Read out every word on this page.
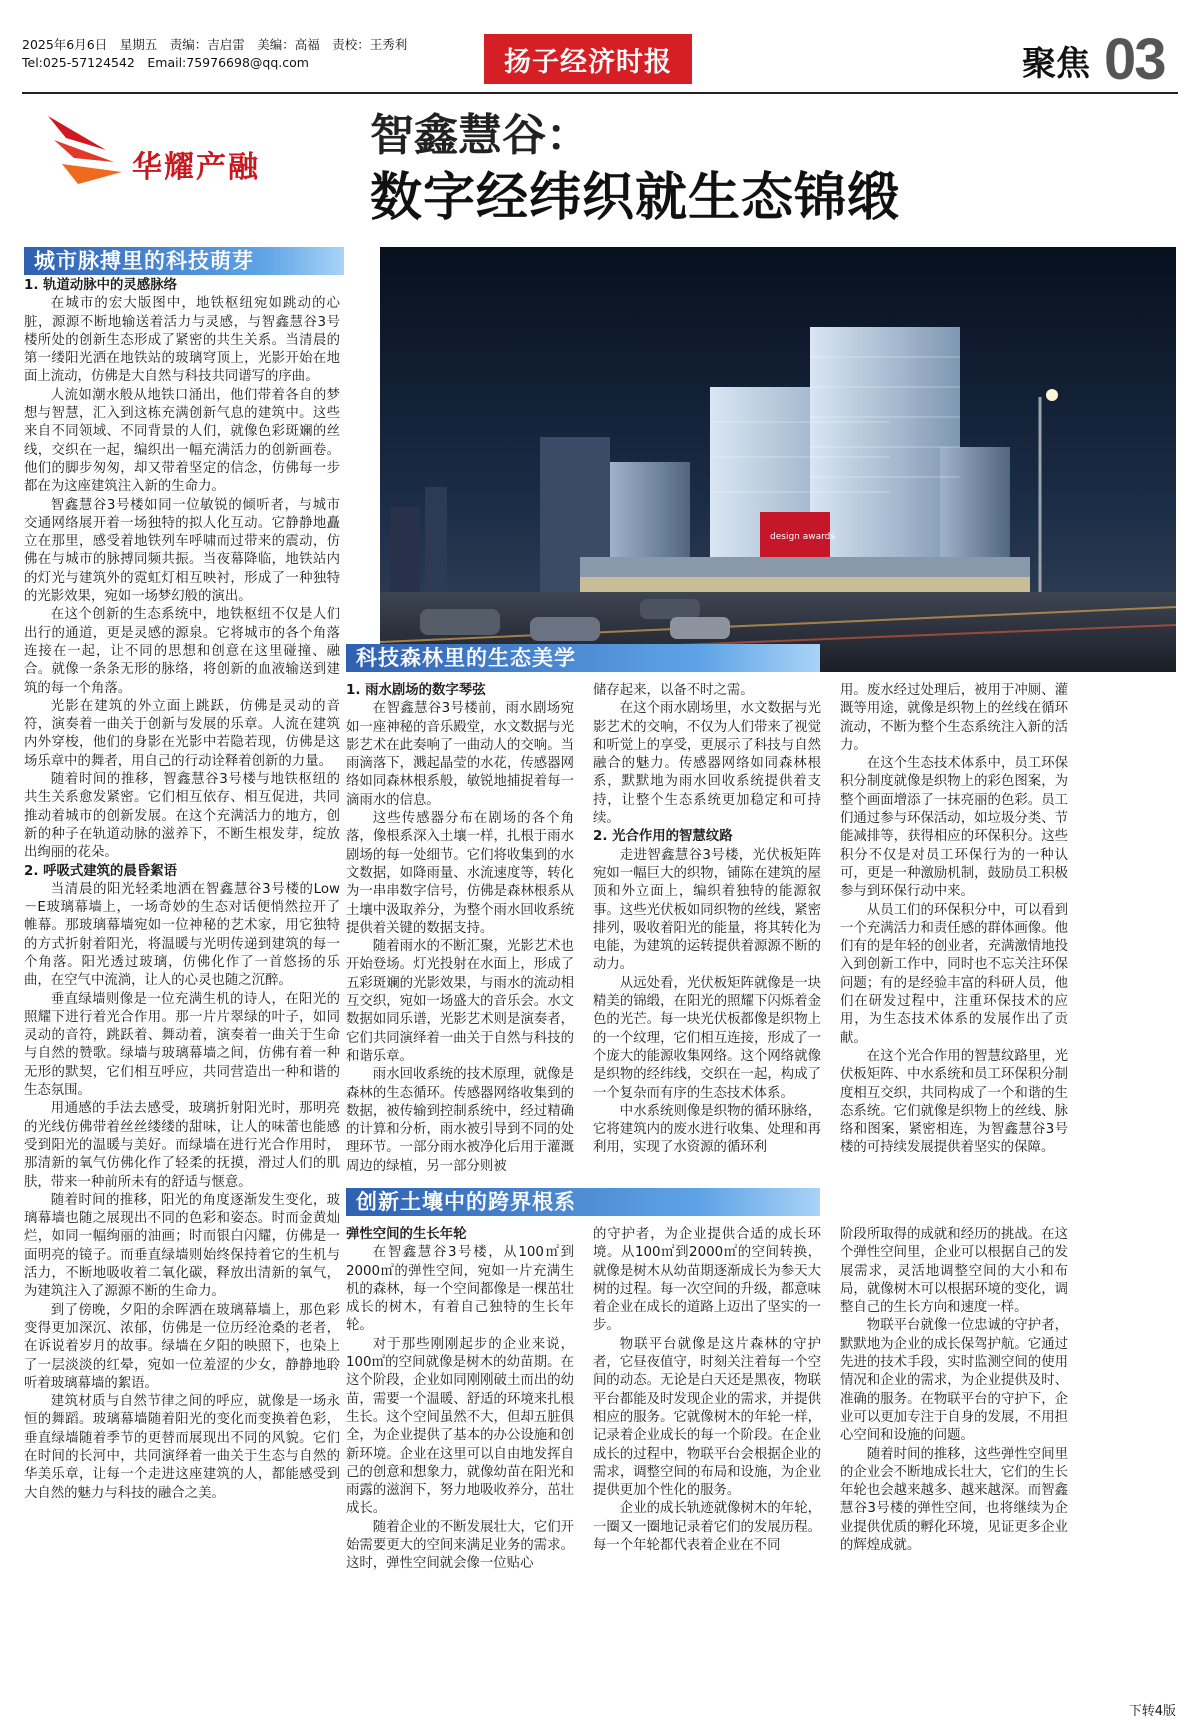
2025年6月6日　星期五　责编：吉启雷　美编：高福　责校：王秀利
Tel:025-57124542　Email:75976698@qq.com	扬子经济时报	聚焦 03
华耀产融
智鑫慧谷：
数字经纬织就生态锦缎
城市脉搏里的科技萌芽

1. 轨道动脉中的灵感脉络

在城市的宏大版图中，地铁枢纽宛如跳动的心脏，源源不断地输送着活力与灵感，与智鑫慧谷3号楼所处的创新生态形成了紧密的共生关系。当清晨的第一缕阳光洒在地铁站的玻璃穹顶上，光影开始在地面上流动，仿佛是大自然与科技共同谱写的序曲。

人流如潮水般从地铁口涌出，他们带着各自的梦想与智慧，汇入到这栋充满创新气息的建筑中。这些来自不同领域、不同背景的人们，就像色彩斑斓的丝线，交织在一起，编织出一幅充满活力的创新画卷。他们的脚步匆匆，却又带着坚定的信念，仿佛每一步都在为这座建筑注入新的生命力。

智鑫慧谷3号楼如同一位敏锐的倾听者，与城市交通网络展开着一场独特的拟人化互动。它静静地矗立在那里，感受着地铁列车呼啸而过带来的震动，仿佛在与城市的脉搏同频共振。当夜幕降临，地铁站内的灯光与建筑外的霓虹灯相互映衬，形成了一种独特的光影效果，宛如一场梦幻般的演出。

在这个创新的生态系统中，地铁枢纽不仅是人们出行的通道，更是灵感的源泉。它将城市的各个角落连接在一起，让不同的思想和创意在这里碰撞、融合。就像一条条无形的脉络，将创新的血液输送到建筑的每一个角落。

光影在建筑的外立面上跳跃，仿佛是灵动的音符，演奏着一曲关于创新与发展的乐章。人流在建筑内外穿梭，他们的身影在光影中若隐若现，仿佛是这场乐章中的舞者，用自己的行动诠释着创新的力量。

随着时间的推移，智鑫慧谷3号楼与地铁枢纽的共生关系愈发紧密。它们相互依存、相互促进，共同推动着城市的创新发展。在这个充满活力的地方，创新的种子在轨道动脉的滋养下，不断生根发芽，绽放出绚丽的花朵。

2. 呼吸式建筑的晨昏絮语

当清晨的阳光轻柔地洒在智鑫慧谷3号楼的Low－E玻璃幕墙上，一场奇妙的生态对话便悄然拉开了帷幕。那玻璃幕墙宛如一位神秘的艺术家，用它独特的方式折射着阳光，将温暖与光明传递到建筑的每一个角落。阳光透过玻璃，仿佛化作了一首悠扬的乐曲，在空气中流淌，让人的心灵也随之沉醉。

垂直绿墙则像是一位充满生机的诗人，在阳光的照耀下进行着光合作用。那一片片翠绿的叶子，如同灵动的音符，跳跃着、舞动着，演奏着一曲关于生命与自然的赞歌。绿墙与玻璃幕墙之间，仿佛有着一种无形的默契，它们相互呼应，共同营造出一种和谐的生态氛围。

用通感的手法去感受，玻璃折射阳光时，那明亮的光线仿佛带着丝丝缕缕的甜味，让人的味蕾也能感受到阳光的温暖与美好。而绿墙在进行光合作用时，那清新的氧气仿佛化作了轻柔的抚摸，滑过人们的肌肤，带来一种前所未有的舒适与惬意。

随着时间的推移，阳光的角度逐渐发生变化，玻璃幕墙也随之展现出不同的色彩和姿态。时而金黄灿烂，如同一幅绚丽的油画；时而银白闪耀，仿佛是一面明亮的镜子。而垂直绿墙则始终保持着它的生机与活力，不断地吸收着二氧化碳，释放出清新的氧气，为建筑注入了源源不断的生命力。

到了傍晚，夕阳的余晖洒在玻璃幕墙上，那色彩变得更加深沉、浓郁，仿佛是一位历经沧桑的老者，在诉说着岁月的故事。绿墙在夕阳的映照下，也染上了一层淡淡的红晕，宛如一位羞涩的少女，静静地聆听着玻璃幕墙的絮语。

建筑材质与自然节律之间的呼应，就像是一场永恒的舞蹈。玻璃幕墙随着阳光的变化而变换着色彩，垂直绿墙随着季节的更替而展现出不同的风貌。它们在时间的长河中，共同演绎着一曲关于生态与自然的华美乐章，让每一个走进这座建筑的人，都能感受到大自然的魅力与科技的融合之美。

design awards
科技森林里的生态美学

1. 雨水剧场的数字琴弦

在智鑫慧谷3号楼前，雨水剧场宛如一座神秘的音乐殿堂，水文数据与光影艺术在此奏响了一曲动人的交响。当雨滴落下，溅起晶莹的水花，传感器网络如同森林根系般，敏锐地捕捉着每一滴雨水的信息。

这些传感器分布在剧场的各个角落，像根系深入土壤一样，扎根于雨水剧场的每一处细节。它们将收集到的水文数据，如降雨量、水流速度等，转化为一串串数字信号，仿佛是森林根系从土壤中汲取养分，为整个雨水回收系统提供着关键的数据支持。

随着雨水的不断汇聚，光影艺术也开始登场。灯光投射在水面上，形成了五彩斑斓的光影效果，与雨水的流动相互交织，宛如一场盛大的音乐会。水文数据如同乐谱，光影艺术则是演奏者，它们共同演绎着一曲关于自然与科技的和谐乐章。

雨水回收系统的技术原理，就像是森林的生态循环。传感器网络收集到的数据，被传输到控制系统中，经过精确的计算和分析，雨水被引导到不同的处理环节。一部分雨水被净化后用于灌溉周边的绿植，另一部分则被

储存起来，以备不时之需。

在这个雨水剧场里，水文数据与光影艺术的交响，不仅为人们带来了视觉和听觉上的享受，更展示了科技与自然融合的魅力。传感器网络如同森林根系，默默地为雨水回收系统提供着支持，让整个生态系统更加稳定和可持续。

2. 光合作用的智慧纹路

走进智鑫慧谷3号楼，光伏板矩阵宛如一幅巨大的织物，铺陈在建筑的屋顶和外立面上，编织着独特的能源叙事。这些光伏板如同织物的丝线，紧密排列，吸收着阳光的能量，将其转化为电能，为建筑的运转提供着源源不断的动力。

从远处看，光伏板矩阵就像是一块精美的锦缎，在阳光的照耀下闪烁着金色的光芒。每一块光伏板都像是织物上的一个纹理，它们相互连接，形成了一个庞大的能源收集网络。这个网络就像是织物的经纬线，交织在一起，构成了一个复杂而有序的生态技术体系。

中水系统则像是织物的循环脉络，它将建筑内的废水进行收集、处理和再利用，实现了水资源的循环利

用。废水经过处理后，被用于冲厕、灌溉等用途，就像是织物上的丝线在循环流动，不断为整个生态系统注入新的活力。

在这个生态技术体系中，员工环保积分制度就像是织物上的彩色图案，为整个画面增添了一抹亮丽的色彩。员工们通过参与环保活动，如垃圾分类、节能减排等，获得相应的环保积分。这些积分不仅是对员工环保行为的一种认可，更是一种激励机制，鼓励员工积极参与到环保行动中来。

从员工们的环保积分中，可以看到一个充满活力和责任感的群体画像。他们有的是年轻的创业者，充满激情地投入到创新工作中，同时也不忘关注环保问题；有的是经验丰富的科研人员，他们在研发过程中，注重环保技术的应用，为生态技术体系的发展作出了贡献。

在这个光合作用的智慧纹路里，光伏板矩阵、中水系统和员工环保积分制度相互交织，共同构成了一个和谐的生态系统。它们就像是织物上的丝线、脉络和图案，紧密相连，为智鑫慧谷3号楼的可持续发展提供着坚实的保障。

创新土壤中的跨界根系

弹性空间的生长年轮

在智鑫慧谷3号楼，从100㎡到2000㎡的弹性空间，宛如一片充满生机的森林，每一个空间都像是一棵茁壮成长的树木，有着自己独特的生长年轮。

对于那些刚刚起步的企业来说，100㎡的空间就像是树木的幼苗期。在这个阶段，企业如同刚刚破土而出的幼苗，需要一个温暖、舒适的环境来扎根生长。这个空间虽然不大，但却五脏俱全，为企业提供了基本的办公设施和创新环境。企业在这里可以自由地发挥自己的创意和想象力，就像幼苗在阳光和雨露的滋润下，努力地吸收养分，茁壮成长。

随着企业的不断发展壮大，它们开始需要更大的空间来满足业务的需求。这时，弹性空间就会像一位贴心

的守护者，为企业提供合适的成长环境。从100㎡到2000㎡的空间转换，就像是树木从幼苗期逐渐成长为参天大树的过程。每一次空间的升级，都意味着企业在成长的道路上迈出了坚实的一步。

物联平台就像是这片森林的守护者，它昼夜值守，时刻关注着每一个空间的动态。无论是白天还是黑夜，物联平台都能及时发现企业的需求，并提供相应的服务。它就像树木的年轮一样，记录着企业成长的每一个阶段。在企业成长的过程中，物联平台会根据企业的需求，调整空间的布局和设施，为企业提供更加个性化的服务。

企业的成长轨迹就像树木的年轮，一圈又一圈地记录着它们的发展历程。每一个年轮都代表着企业在不同

阶段所取得的成就和经历的挑战。在这个弹性空间里，企业可以根据自己的发展需求，灵活地调整空间的大小和布局，就像树木可以根据环境的变化，调整自己的生长方向和速度一样。

物联平台就像一位忠诚的守护者，默默地为企业的成长保驾护航。它通过先进的技术手段，实时监测空间的使用情况和企业的需求，为企业提供及时、准确的服务。在物联平台的守护下，企业可以更加专注于自身的发展，不用担心空间和设施的问题。

随着时间的推移，这些弹性空间里的企业会不断地成长壮大，它们的生长年轮也会越来越多、越来越深。而智鑫慧谷3号楼的弹性空间，也将继续为企业提供优质的孵化环境，见证更多企业的辉煌成就。

下转4版
